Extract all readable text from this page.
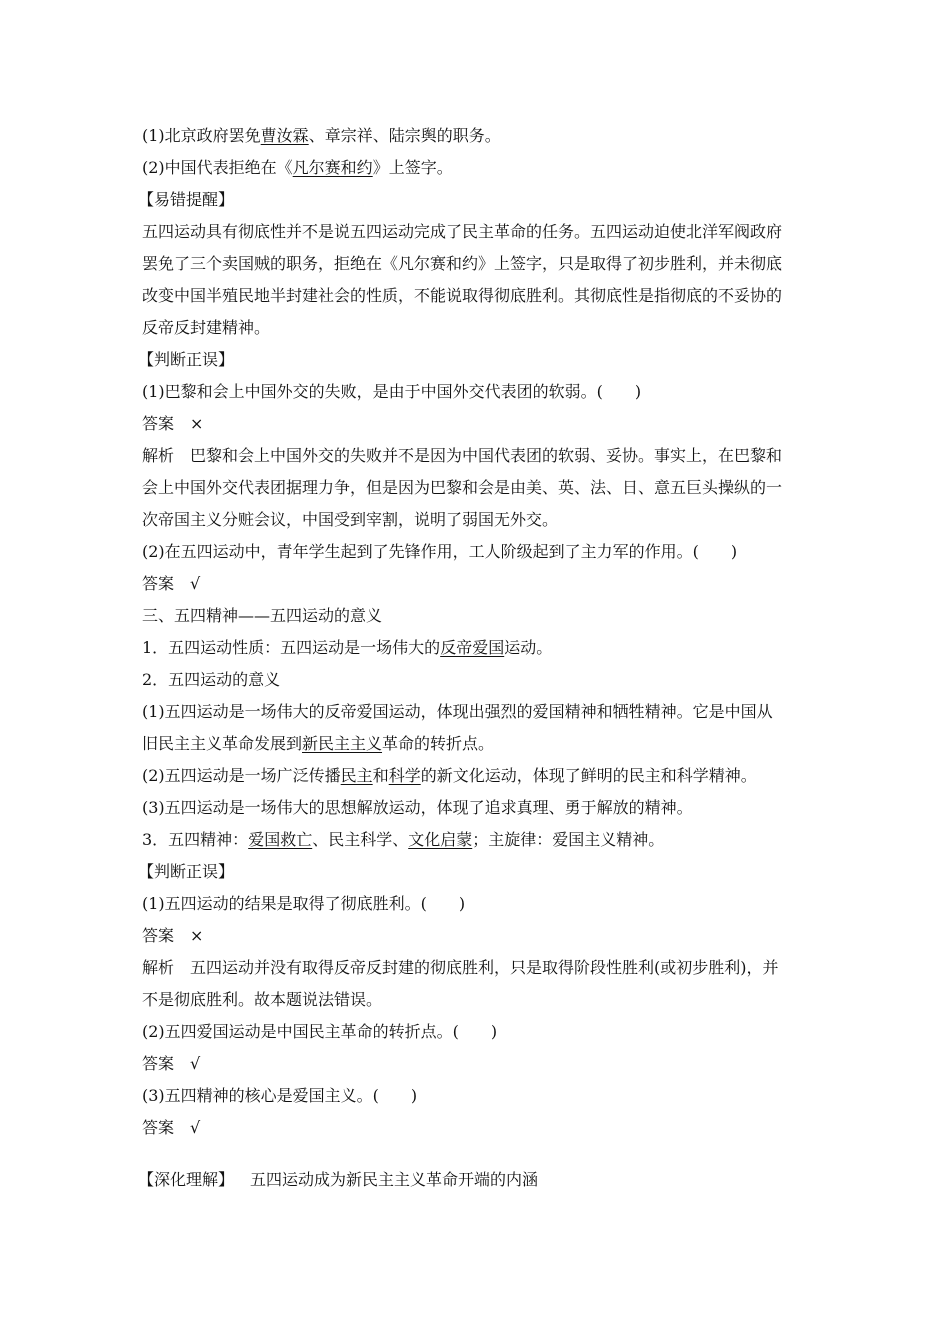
(1)北京政府罢免曹汝霖、章宗祥、陆宗舆的职务。
(2)中国代表拒绝在《凡尔赛和约》上签字。
【易错提醒】
五四运动具有彻底性并不是说五四运动完成了民主革命的任务。五四运动迫使北洋军阀政府
罢免了三个卖国贼的职务，拒绝在《凡尔赛和约》上签字，只是取得了初步胜利，并未彻底
改变中国半殖民地半封建社会的性质，不能说取得彻底胜利。其彻底性是指彻底的不妥协的
反帝反封建精神。
【判断正误】
(1)巴黎和会上中国外交的失败，是由于中国外交代表团的软弱。(　　)
答案 ×
解析 巴黎和会上中国外交的失败并不是因为中国代表团的软弱、妥协。事实上，在巴黎和
会上中国外交代表团据理力争，但是因为巴黎和会是由美、英、法、日、意五巨头操纵的一
次帝国主义分赃会议，中国受到宰割，说明了弱国无外交。
(2)在五四运动中，青年学生起到了先锋作用，工人阶级起到了主力军的作用。(　　)
答案 √
三、五四精神——五四运动的意义
1．五四运动性质：五四运动是一场伟大的反帝爱国运动。
2．五四运动的意义
(1)五四运动是一场伟大的反帝爱国运动，体现出强烈的爱国精神和牺牲精神。它是中国从
旧民主主义革命发展到新民主主义革命的转折点。
(2)五四运动是一场广泛传播民主和科学的新文化运动，体现了鲜明的民主和科学精神。
(3)五四运动是一场伟大的思想解放运动，体现了追求真理、勇于解放的精神。
3．五四精神：爱国救亡、民主科学、文化启蒙；主旋律：爱国主义精神。
【判断正误】
(1)五四运动的结果是取得了彻底胜利。(　　)
答案 ×
解析 五四运动并没有取得反帝反封建的彻底胜利，只是取得阶段性胜利(或初步胜利)，并
不是彻底胜利。故本题说法错误。
(2)五四爱国运动是中国民主革命的转折点。(　　)
答案 √
(3)五四精神的核心是爱国主义。(　　)
答案 √
【深化理解】 五四运动成为新民主主义革命开端的内涵
